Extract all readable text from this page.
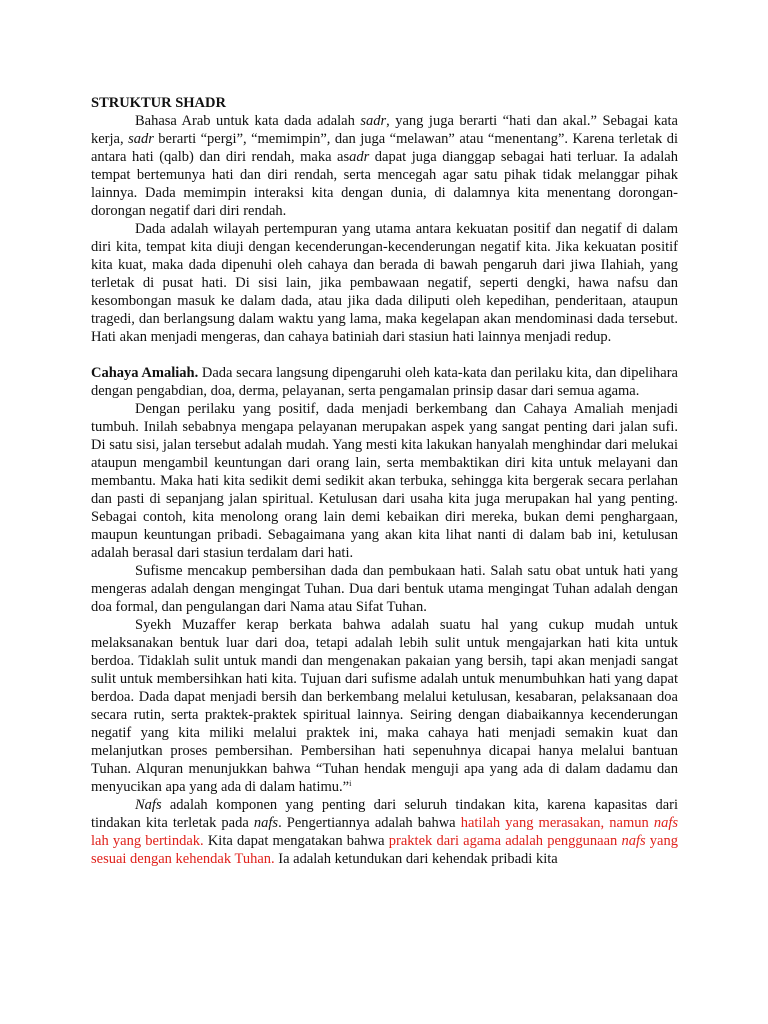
STRUKTUR SHADR

Bahasa Arab untuk kata dada adalah sadr, yang juga berarti “hati dan akal.” Sebagai kata kerja, sadr berarti “pergi”, “memimpin”, dan juga “melawan” atau “menentang”. Karena terletak di antara hati (qalb) dan diri rendah, maka asadr dapat juga dianggap sebagai hati terluar. Ia adalah tempat bertemunya hati dan diri rendah, serta mencegah agar satu pihak tidak melanggar pihak lainnya. Dada memimpin interaksi kita dengan dunia, di dalamnya kita menentang dorongan-dorongan negatif dari diri rendah.

Dada adalah wilayah pertempuran yang utama antara kekuatan positif dan negatif di dalam diri kita, tempat kita diuji dengan kecenderungan-kecenderungan negatif kita. Jika kekuatan positif kita kuat, maka dada dipenuhi oleh cahaya dan berada di bawah pengaruh dari jiwa Ilahiah, yang terletak di pusat hati. Di sisi lain, jika pembawaan negatif, seperti dengki, hawa nafsu dan kesombongan masuk ke dalam dada, atau jika dada diliputi oleh kepedihan, penderitaan, ataupun tragedi, dan berlangsung dalam waktu yang lama, maka kegelapan akan mendominasi dada tersebut. Hati akan menjadi mengeras, dan cahaya batiniah dari stasiun hati lainnya menjadi redup.

Cahaya Amaliah. Dada secara langsung dipengaruhi oleh kata-kata dan perilaku kita, dan dipelihara dengan pengabdian, doa, derma, pelayanan, serta pengamalan prinsip dasar dari semua agama.

Dengan perilaku yang positif, dada menjadi berkembang dan Cahaya Amaliah menjadi tumbuh. Inilah sebabnya mengapa pelayanan merupakan aspek yang sangat penting dari jalan sufi. Di satu sisi, jalan tersebut adalah mudah. Yang mesti kita lakukan hanyalah menghindar dari melukai ataupun mengambil keuntungan dari orang lain, serta membaktikan diri kita untuk melayani dan membantu. Maka hati kita sedikit demi sedikit akan terbuka, sehingga kita bergerak secara perlahan dan pasti di sepanjang jalan spiritual. Ketulusan dari usaha kita juga merupakan hal yang penting. Sebagai contoh, kita menolong orang lain demi kebaikan diri mereka, bukan demi penghargaan, maupun keuntungan pribadi. Sebagaimana yang akan kita lihat nanti di dalam bab ini, ketulusan adalah berasal dari stasiun terdalam dari hati.

Sufisme mencakup pembersihan dada dan pembukaan hati. Salah satu obat untuk hati yang mengeras adalah dengan mengingat Tuhan. Dua dari bentuk utama mengingat Tuhan adalah dengan doa formal, dan pengulangan dari Nama atau Sifat Tuhan.

Syekh Muzaffer kerap berkata bahwa adalah suatu hal yang cukup mudah untuk melaksanakan bentuk luar dari doa, tetapi adalah lebih sulit untuk mengajarkan hati kita untuk berdoa. Tidaklah sulit untuk mandi dan mengenakan pakaian yang bersih, tapi akan menjadi sangat sulit untuk membersihkan hati kita. Tujuan dari sufisme adalah untuk menumbuhkan hati yang dapat berdoa. Dada dapat menjadi bersih dan berkembang melalui ketulusan, kesabaran, pelaksanaan doa secara rutin, serta praktek-praktek spiritual lainnya. Seiring dengan diabaikannya kecenderungan negatif yang kita miliki melalui praktek ini, maka cahaya hati menjadi semakin kuat dan melanjutkan proses pembersihan. Pembersihan hati sepenuhnya dicapai hanya melalui bantuan Tuhan. Alquran menunjukkan bahwa “Tuhan hendak menguji apa yang ada di dalam dadamu dan menyucikan apa yang ada di dalam hatimu.”$^i$

Nafs adalah komponen yang penting dari seluruh tindakan kita, karena kapasitas dari tindakan kita terletak pada nafs. Pengertiannya adalah bahwa hatilah yang merasakan, namun nafs lah yang bertindak. Kita dapat mengatakan bahwa praktek dari agama adalah penggunaan nafs yang sesuai dengan kehendak Tuhan. Ia adalah ketundukan dari kehendak pribadi kita
